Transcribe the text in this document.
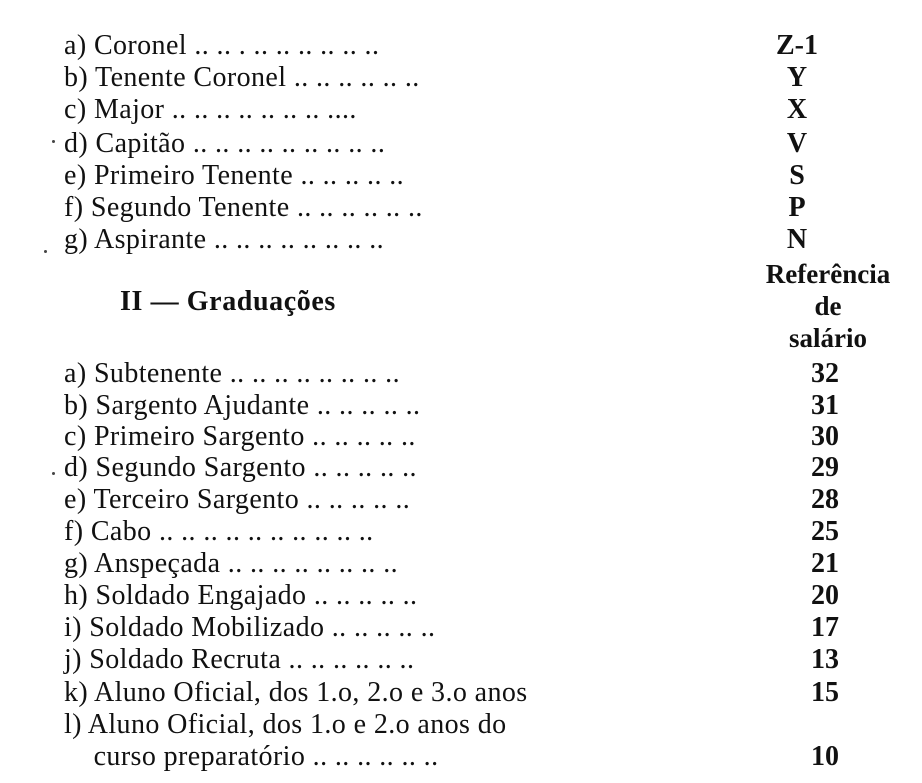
a) Coronel .. .. . .. .. .. .. .. ..	Z-1
b) Tenente Coronel .. .. .. .. .. ..	Y
c) Major .. .. .. .. .. .. .. ....	X
d) Capitão .. .. .. .. .. .. .. .. ..	V
e) Primeiro Tenente .. .. .. .. ..	S
f) Segundo Tenente .. .. .. .. .. ..	P
g) Aspirante .. .. .. .. .. .. .. ..	N
II — Graduações
Referência
de
salário
a) Subtenente .. .. .. .. .. .. .. ..	32
b) Sargento Ajudante .. .. .. .. ..	31
c) Primeiro Sargento .. .. .. .. ..	30
d) Segundo Sargento .. .. .. .. ..	29
e) Terceiro Sargento .. .. .. .. ..	28
f) Cabo .. .. .. .. .. .. .. .. .. ..	25
g) Anspeçada .. .. .. .. .. .. .. ..	21
h) Soldado Engajado .. .. .. .. ..	20
i) Soldado Mobilizado .. .. .. .. ..	17
j) Soldado Recruta .. .. .. .. .. ..	13
k) Aluno Oficial, dos 1.o, 2.o e 3.o anos	15
l) Aluno Oficial, dos 1.o e 2.o anos do
curso preparatório .. .. .. .. .. ..	10
